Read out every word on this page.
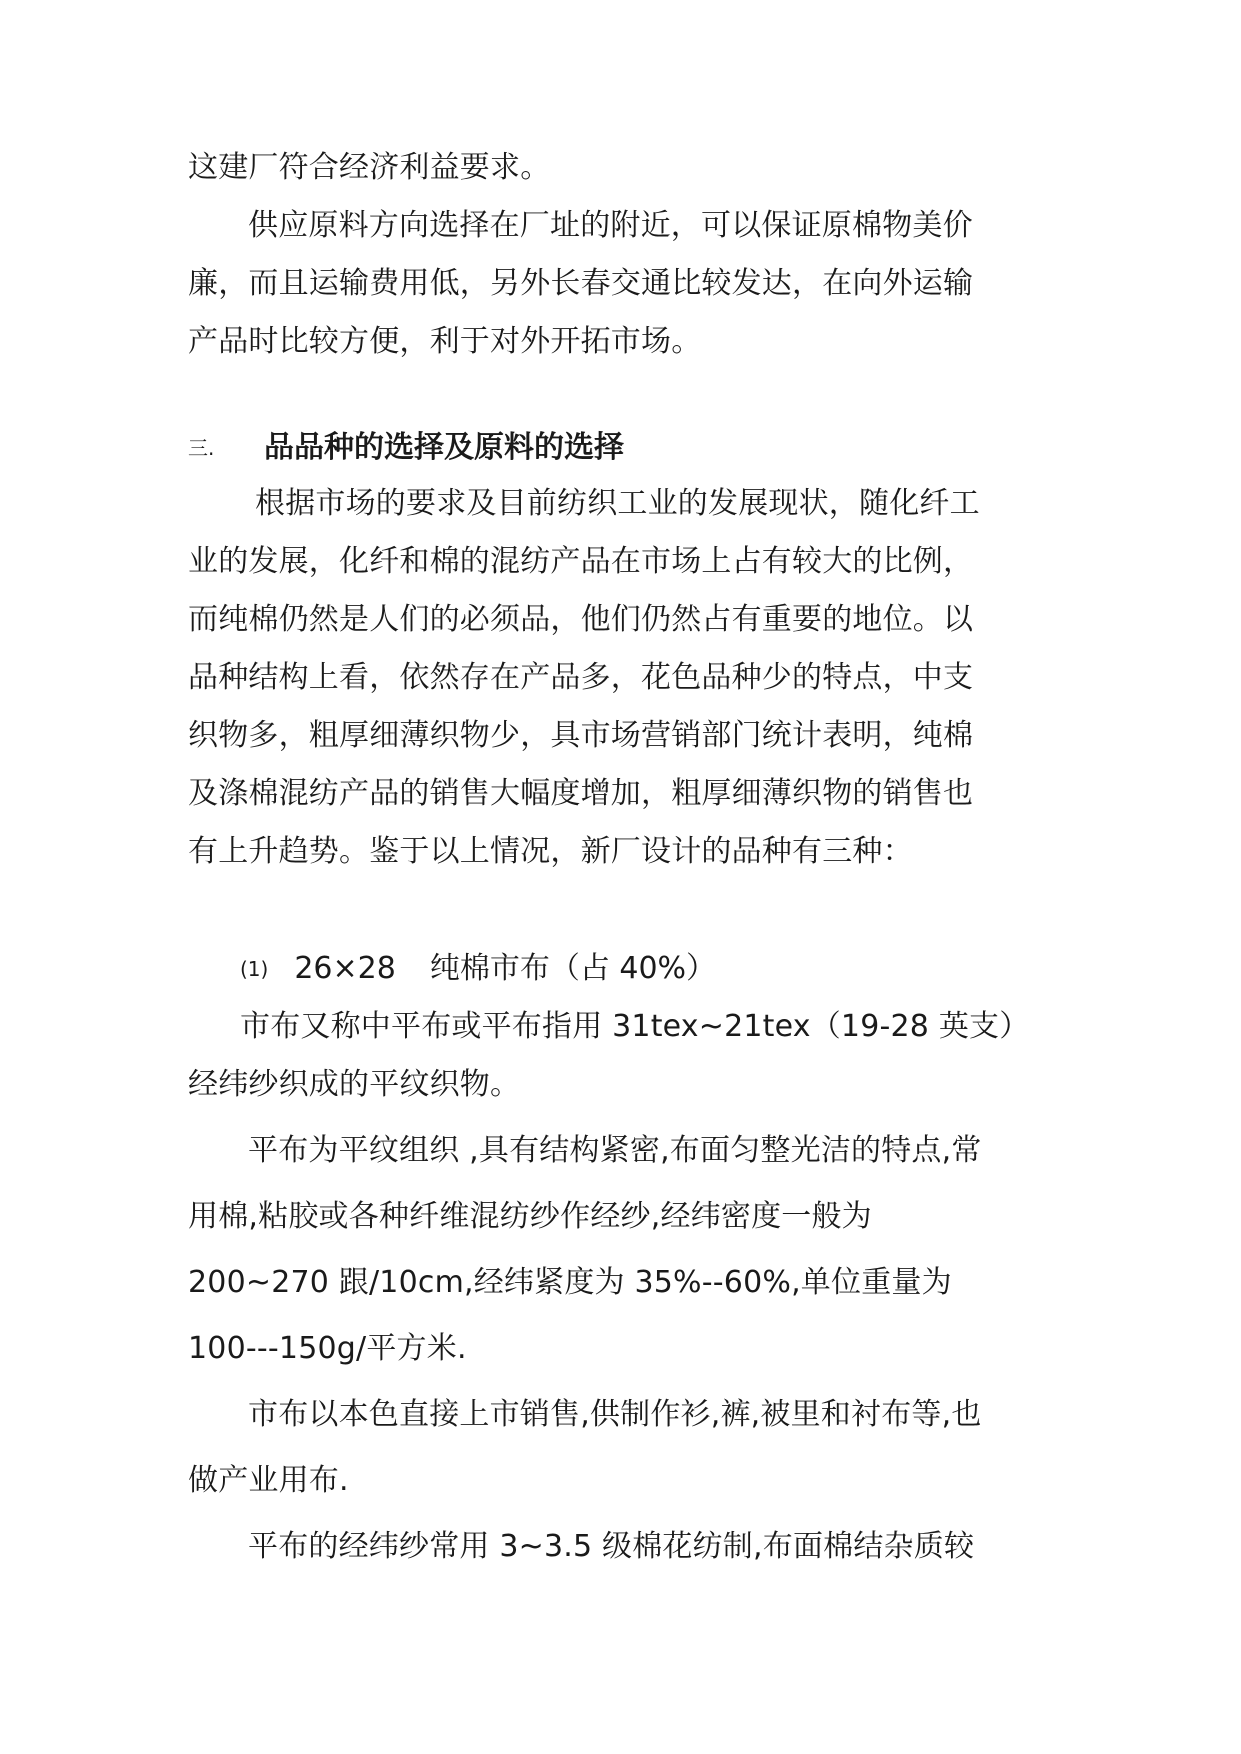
这建厂符合经济利益要求。
供应原料方向选择在厂址的附近，可以保证原棉物美价
廉，而且运输费用低，另外长春交通比较发达，在向外运输
产品时比较方便，利于对外开拓市场。
三. 品品种的选择及原料的选择
根据市场的要求及目前纺织工业的发展现状，随化纤工
业的发展，化纤和棉的混纺产品在市场上占有较大的比例，
而纯棉仍然是人们的必须品，他们仍然占有重要的地位。以
品种结构上看，依然存在产品多，花色品种少的特点，中支
织物多，粗厚细薄织物少，具市场营销部门统计表明，纯棉
及涤棉混纺产品的销售大幅度增加，粗厚细薄织物的销售也
有上升趋势。鉴于以上情况，新厂设计的品种有三种：
(1) 26×28 纯棉市布（占 40%）
市布又称中平布或平布指用 31tex~21tex（19-28 英支）
经纬纱织成的平纹织物。
平布为平纹组织 ,具有结构紧密,布面匀整光洁的特点,常
用棉,粘胶或各种纤维混纺纱作经纱,经纬密度一般为
200~270 跟/10cm,经纬紧度为 35%--60%,单位重量为
100---150g/平方米.
市布以本色直接上市销售,供制作衫,裤,被里和衬布等,也
做产业用布.
平布的经纬纱常用 3~3.5 级棉花纺制,布面棉结杂质较
